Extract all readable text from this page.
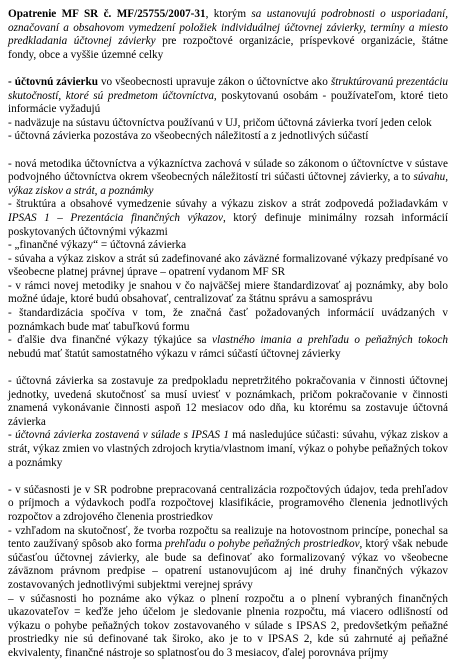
Opatrenie MF SR č. MF/25755/2007-31, ktorým sa ustanovujú podrobnosti o usporiadaní, označovaní a obsahovom vymedzení položiek individuálnej účtovnej závierky, termíny a miesto predkladania účtovnej závierky pre rozpočtové organizácie, príspevkové organizácie, štátne fondy, obce a vyššie územné celky

- účtovnú závierku vo všeobecnosti upravuje zákon o účtovníctve ako štruktúrovanú prezentáciu skutočností, ktoré sú predmetom účtovníctva, poskytovanú osobám - používateľom, ktoré tieto informácie vyžadujú

- nadväzuje na sústavu účtovníctva používanú v UJ, pričom účtovná závierka tvorí jeden celok

- účtovná závierka pozostáva zo všeobecných náležitostí a z jednotlivých súčastí

- nová metodika účtovníctva a výkazníctva zachová v súlade so zákonom o účtovníctve v sústave podvojného účtovníctva okrem všeobecných náležitostí tri súčasti účtovnej závierky, a to súvahu, výkaz ziskov a strát, a poznámky

- štruktúra a obsahové vymedzenie súvahy a výkazu ziskov a strát zodpovedá požiadavkám v IPSAS 1 – Prezentácia finančných výkazov, ktorý definuje minimálny rozsah informácií poskytovaných účtovnými výkazmi

- „finančné výkazy“ = účtovná závierka

- súvaha a výkaz ziskov a strát sú zadefinované ako záväzné formalizované výkazy predpísané vo všeobecne platnej právnej úprave – opatrení vydanom MF SR

- v rámci novej metodiky je snahou v čo najväčšej miere štandardizovať aj poznámky, aby bolo možné údaje, ktoré budú obsahovať, centralizovať za štátnu správu a samosprávu

- štandardizácia spočíva v tom, že značná časť požadovaných informácií uvádzaných v poznámkach bude mať tabuľkovú formu

- ďalšie dva finančné výkazy týkajúce sa vlastného imania a prehľadu o peňažných tokoch nebudú mať štatút samostatného výkazu v rámci súčastí účtovnej závierky

- účtovná závierka sa zostavuje za predpokladu nepretržitého pokračovania v činnosti účtovnej jednotky, uvedená skutočnosť sa musí uviesť v poznámkach, pričom pokračovanie v činnosti znamená vykonávanie činnosti aspoň 12 mesiacov odo dňa, ku ktorému sa zostavuje účtovná závierka

- účtovná závierka zostavená v súlade s IPSAS 1 má nasledujúce súčasti: súvahu, výkaz ziskov a strát, výkaz zmien vo vlastných zdrojoch krytia/vlastnom imaní, výkaz o pohybe peňažných tokov a poznámky

- v súčasnosti je v SR podrobne prepracovaná centralizácia rozpočtových údajov, teda prehľadov o príjmoch a výdavkoch podľa rozpočtovej klasifikácie, programového členenia jednotlivých rozpočtov a zdrojového členenia prostriedkov

- vzhľadom na skutočnosť, že tvorba rozpočtu sa realizuje na hotovostnom princípe, ponechal sa tento zaužívaný spôsob ako forma prehľadu o pohybe peňažných prostriedkov, ktorý však nebude súčasťou účtovnej závierky, ale bude sa definovať ako formalizovaný výkaz vo všeobecne záväznom právnom predpise – opatrení ustanovujúcom aj iné druhy finančných výkazov zostavovaných jednotlivými subjektmi verejnej správy

– v súčasnosti ho poznáme ako výkaz o plnení rozpočtu a o plnení vybraných finančných ukazovateľov = keďže jeho účelom je sledovanie plnenia rozpočtu, má viacero odlišností od výkazu o pohybe peňažných tokov zostavovaného v súlade s IPSAS 2, predovšetkým peňažné prostriedky nie sú definované tak široko, ako je to v IPSAS 2, kde sú zahrnuté aj peňažné ekvivalenty, finančné nástroje so splatnosťou do 3 mesiacov, ďalej porovnáva príjmy
